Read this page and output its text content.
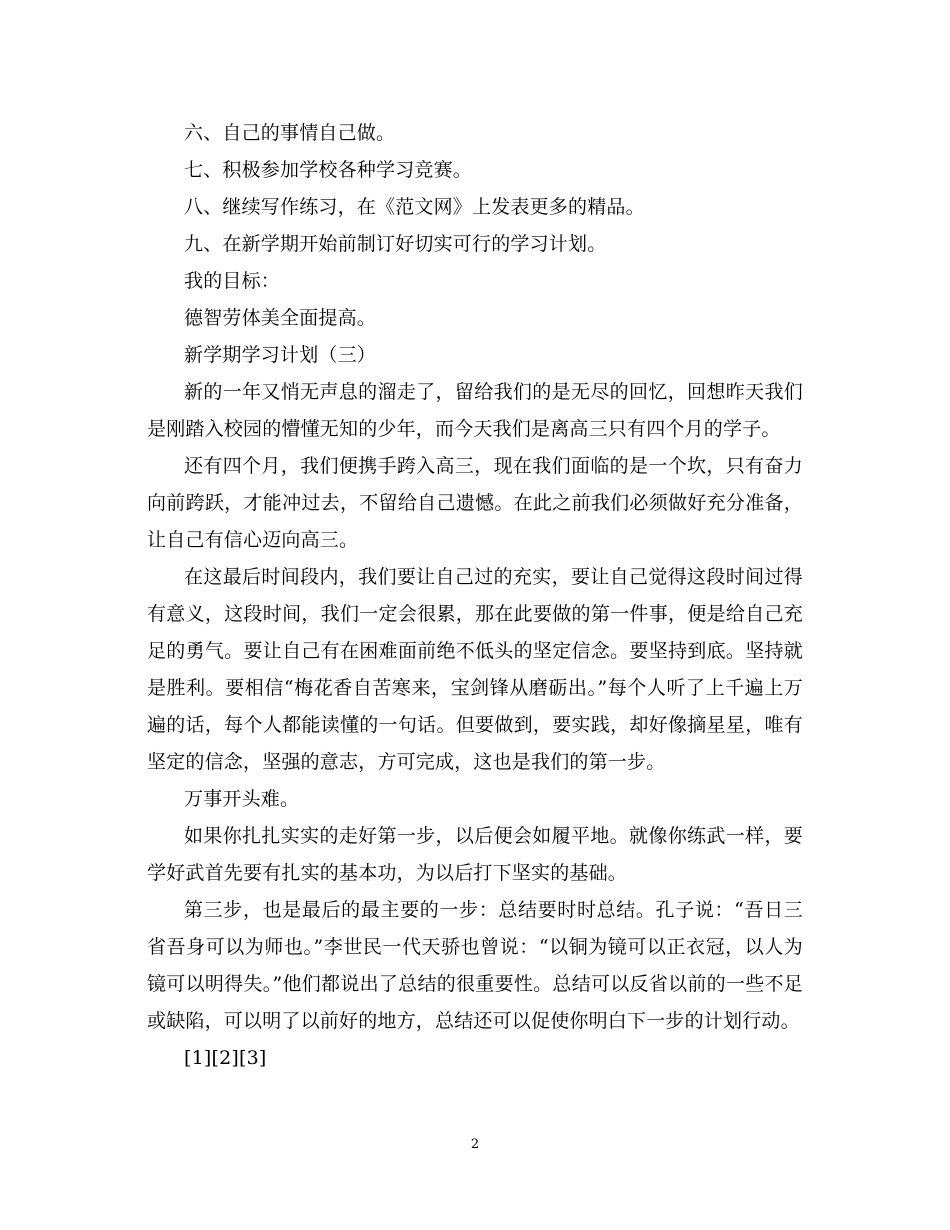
六、自己的事情自己做。

七、积极参加学校各种学习竞赛。

八、继续写作练习，在《范文网》上发表更多的精品。

九、在新学期开始前制订好切实可行的学习计划。

我的目标：

德智劳体美全面提高。

新学期学习计划（三）

新的一年又悄无声息的溜走了，留给我们的是无尽的回忆，回想昨天我们是刚踏入校园的懵懂无知的少年，而今天我们是离高三只有四个月的学子。

还有四个月，我们便携手跨入高三，现在我们面临的是一个坎，只有奋力向前跨跃，才能冲过去，不留给自己遗憾。在此之前我们必须做好充分准备，让自己有信心迈向高三。

在这最后时间段内，我们要让自己过的充实，要让自己觉得这段时间过得有意义，这段时间，我们一定会很累，那在此要做的第一件事，便是给自己充足的勇气。要让自己有在困难面前绝不低头的坚定信念。要坚持到底。坚持就是胜利。要相信“梅花香自苦寒来，宝剑锋从磨砺出。”每个人听了上千遍上万遍的话，每个人都能读懂的一句话。但要做到，要实践，却好像摘星星，唯有坚定的信念，坚强的意志，方可完成，这也是我们的第一步。

万事开头难。

如果你扎扎实实的走好第一步，以后便会如履平地。就像你练武一样，要学好武首先要有扎实的基本功，为以后打下坚实的基础。

第三步，也是最后的最主要的一步：总结要时时总结。孔子说：“吾日三省吾身可以为师也。”李世民一代天骄也曾说：“以铜为镜可以正衣冠，以人为镜可以明得失。”他们都说出了总结的很重要性。总结可以反省以前的一些不足或缺陷，可以明了以前好的地方，总结还可以促使你明白下一步的计划行动。

[1][2][3]

2
